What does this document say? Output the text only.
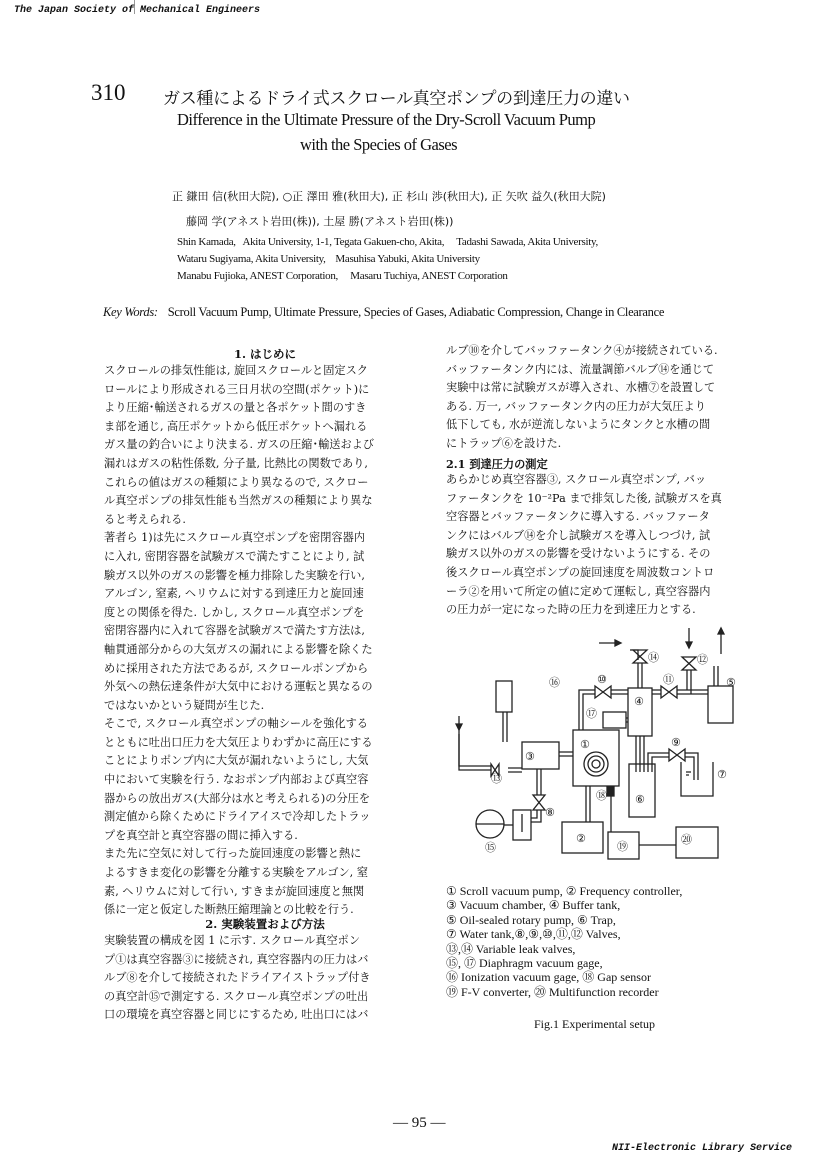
The Japan Society of Mechanical Engineers
310 ガス種によるドライ式スクロール真空ポンプの到達圧力の違い
Difference in the Ultimate Pressure of the Dry-Scroll Vacuum Pump
with the Species of Gases
正 鎌田 信(秋田大院), ○正 澤田 雅(秋田大), 正 杉山 渉(秋田大), 正 矢吹 益久(秋田大院)
藤岡 学(アネスト岩田(株)), 土屋 勝(アネスト岩田(株))
Shin Kamada,   Akita University, 1-1, Tegata Gakuen-cho, Akita,     Tadashi Sawada, Akita University,
Wataru Sugiyama, Akita University,    Masuhisa Yabuki, Akita University
Manabu Fujioka, ANEST Corporation,     Masaru Tuchiya, ANEST Corporation
Key Words: Scroll Vacuum Pump, Ultimate Pressure, Species of Gases, Adiabatic Compression, Change in Clearance
1. はじめに
スクロールの排気性能は, 旋回スクロールと固定スク
ロールにより形成される三日月状の空間(ポケット)に
より圧縮･輸送されるガスの量と各ポケット間のすき
ま部を通じ, 高圧ポケットから低圧ポケットへ漏れる
ガス量の釣合いにより決まる. ガスの圧縮･輸送および
漏れはガスの粘性係数, 分子量, 比熱比の関数であり,
これらの値はガスの種類により異なるので, スクロー
ル真空ポンプの排気性能も当然ガスの種類により異な
ると考えられる.
著者ら 1)は先にスクロール真空ポンプを密閉容器内
に入れ, 密閉容器を試験ガスで満たすことにより, 試
験ガス以外のガスの影響を極力排除した実験を行い,
アルゴン, 窒素, ヘリウムに対する到達圧力と旋回速
度との関係を得た. しかし, スクロール真空ポンプを
密閉容器内に入れて容器を試験ガスで満たす方法は,
軸貫通部分からの大気ガスの漏れによる影響を除くた
めに採用された方法であるが, スクロールポンプから
外気への熱伝達条件が大気中における運転と異なるの
ではないかという疑問が生じた.
そこで, スクロール真空ポンプの軸シールを強化する
とともに吐出口圧力を大気圧よりわずかに高圧にする
ことによりポンプ内に大気が漏れないようにし, 大気
中において実験を行う. なおポンプ内部および真空容
器からの放出ガス(大部分は水と考えられる)の分圧を
測定値から除くためにドライアイスで冷却したトラッ
プを真空計と真空容器の間に挿入する.
また先に空気に対して行った旋回速度の影響と熱に
よるすきま変化の影響を分離する実験をアルゴン, 窒
素, ヘリウムに対して行い, すきまが旋回速度と無関
係に一定と仮定した断熱圧縮理論との比較を行う.
2. 実験装置および方法
実験装置の構成を図 1 に示す. スクロール真空ポン
プ①は真空容器③に接続され, 真空容器内の圧力はバ
ルブ⑧を介して接続されたドライアイストラップ付き
の真空計⑮で測定する. スクロール真空ポンプの吐出
口の環境を真空容器と同じにするため, 吐出口にはバ
ルブ⑩を介してバッファータンク④が接続されている.
バッファータンク内には、流量調節バルブ⑭を通じて
実験中は常に試験ガスが導入され、水槽⑦を設置して
ある. 万一, バッファータンク内の圧力が大気圧より
低下しても, 水が逆流しないようにタンクと水槽の間
にトラップ⑥を設けた.
2.1 到達圧力の測定
あらかじめ真空容器③, スクロール真空ポンプ, バッ
ファータンクを 10⁻²Pa まで排気した後, 試験ガスを真
空容器とバッファータンクに導入する. バッファータ
ンクにはバルブ⑭を介し試験ガスを導入しつづけ, 試
験ガス以外のガスの影響を受けないようにする. その
後スクロール真空ポンプの旋回速度を周波数コントロ
ーラ②を用いて所定の値に定めて運転し, 真空容器内
の圧力が一定になった時の圧力を到達圧力とする.
①
②
③
④
⑤
⑥
⑦
⑧
⑨
⑩	⑪
⑫
⑬
⑭
⑮
⑯
⑰
⑱
⑲
⑳
① Scroll vacuum pump, ② Frequency controller,
③ Vacuum chamber, ④ Buffer tank,
⑤ Oil-sealed rotary pump, ⑥ Trap,
⑦ Water tank,⑧,⑨,⑩,⑪,⑫ Valves,
⑬,⑭ Variable leak valves,
⑮, ⑰ Diaphragm vacuum gage,
⑯ Ionization vacuum gage, ⑱ Gap sensor
⑲ F-V converter, ⑳ Multifunction recorder
Fig.1 Experimental setup
― 95 ―
NII-Electronic Library Service
